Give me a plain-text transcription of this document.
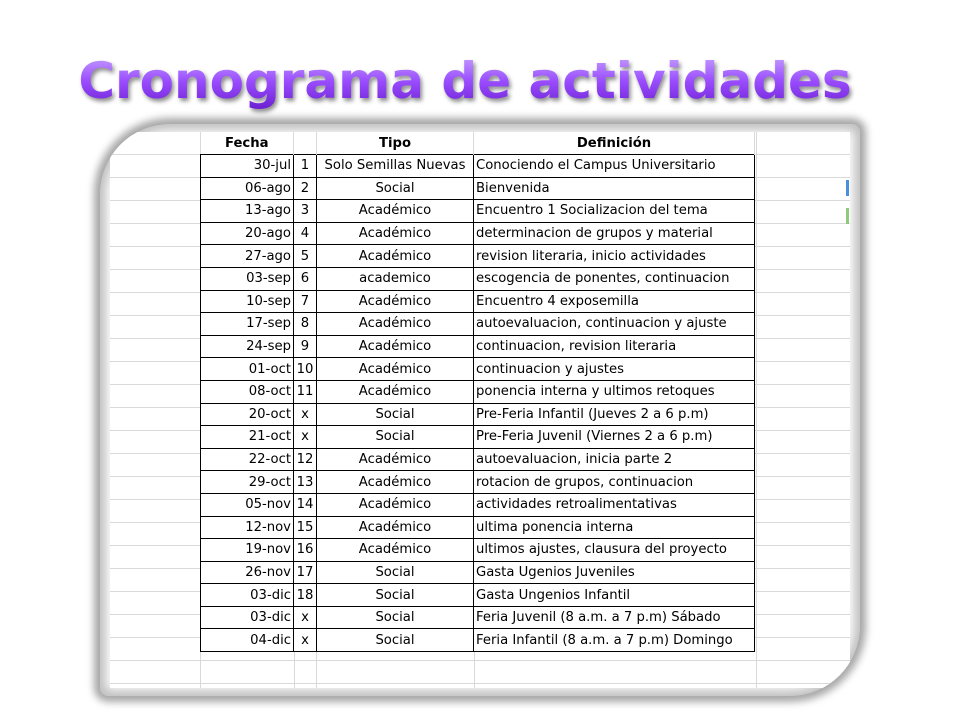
Cronograma de actividades
Fecha		Tipo	Definición
30-jul	1	Solo Semillas Nuevas	Conociendo el Campus Universitario
06-ago	2	Social	Bienvenida
13-ago	3	Académico	Encuentro 1 Socializacion del tema
20-ago	4	Académico	determinacion de grupos y material
27-ago	5	Académico	revision literaria, inicio actividades
03-sep	6	academico	escogencia de ponentes, continuacion
10-sep	7	Académico	Encuentro 4 exposemilla
17-sep	8	Académico	autoevaluacion, continuacion y ajuste
24-sep	9	Académico	continuacion, revision literaria
01-oct	10	Académico	continuacion y ajustes
08-oct	11	Académico	ponencia interna y ultimos retoques
20-oct	x	Social	Pre-Feria Infantil (Jueves 2 a 6 p.m)
21-oct	x	Social	Pre-Feria Juvenil (Viernes 2 a 6 p.m)
22-oct	12	Académico	autoevaluacion, inicia parte 2
29-oct	13	Académico	rotacion de grupos, continuacion
05-nov	14	Académico	actividades retroalimentativas
12-nov	15	Académico	ultima ponencia interna
19-nov	16	Académico	ultimos ajustes, clausura del proyecto
26-nov	17	Social	Gasta Ugenios Juveniles
03-dic	18	Social	Gasta Ungenios Infantil
03-dic	x	Social	Feria Juvenil (8 a.m. a 7 p.m) Sábado
04-dic	x	Social	Feria Infantil (8 a.m. a 7 p.m) Domingo
